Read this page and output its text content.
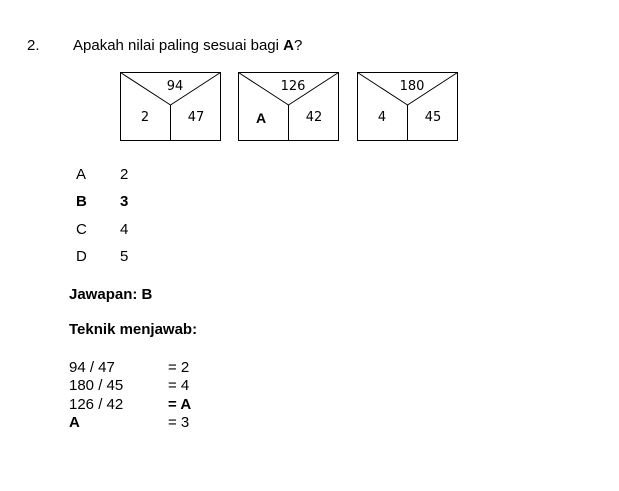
2. Apakah nilai paling sesuai bagi A?
94
2	47
126
A	42
180
4	45
A 2
B 3
C 4
D 5
Jawapan: B
Teknik menjawab:
94 / 47	= 2
180 / 45	= 4
126 / 42	= A
A	= 3
